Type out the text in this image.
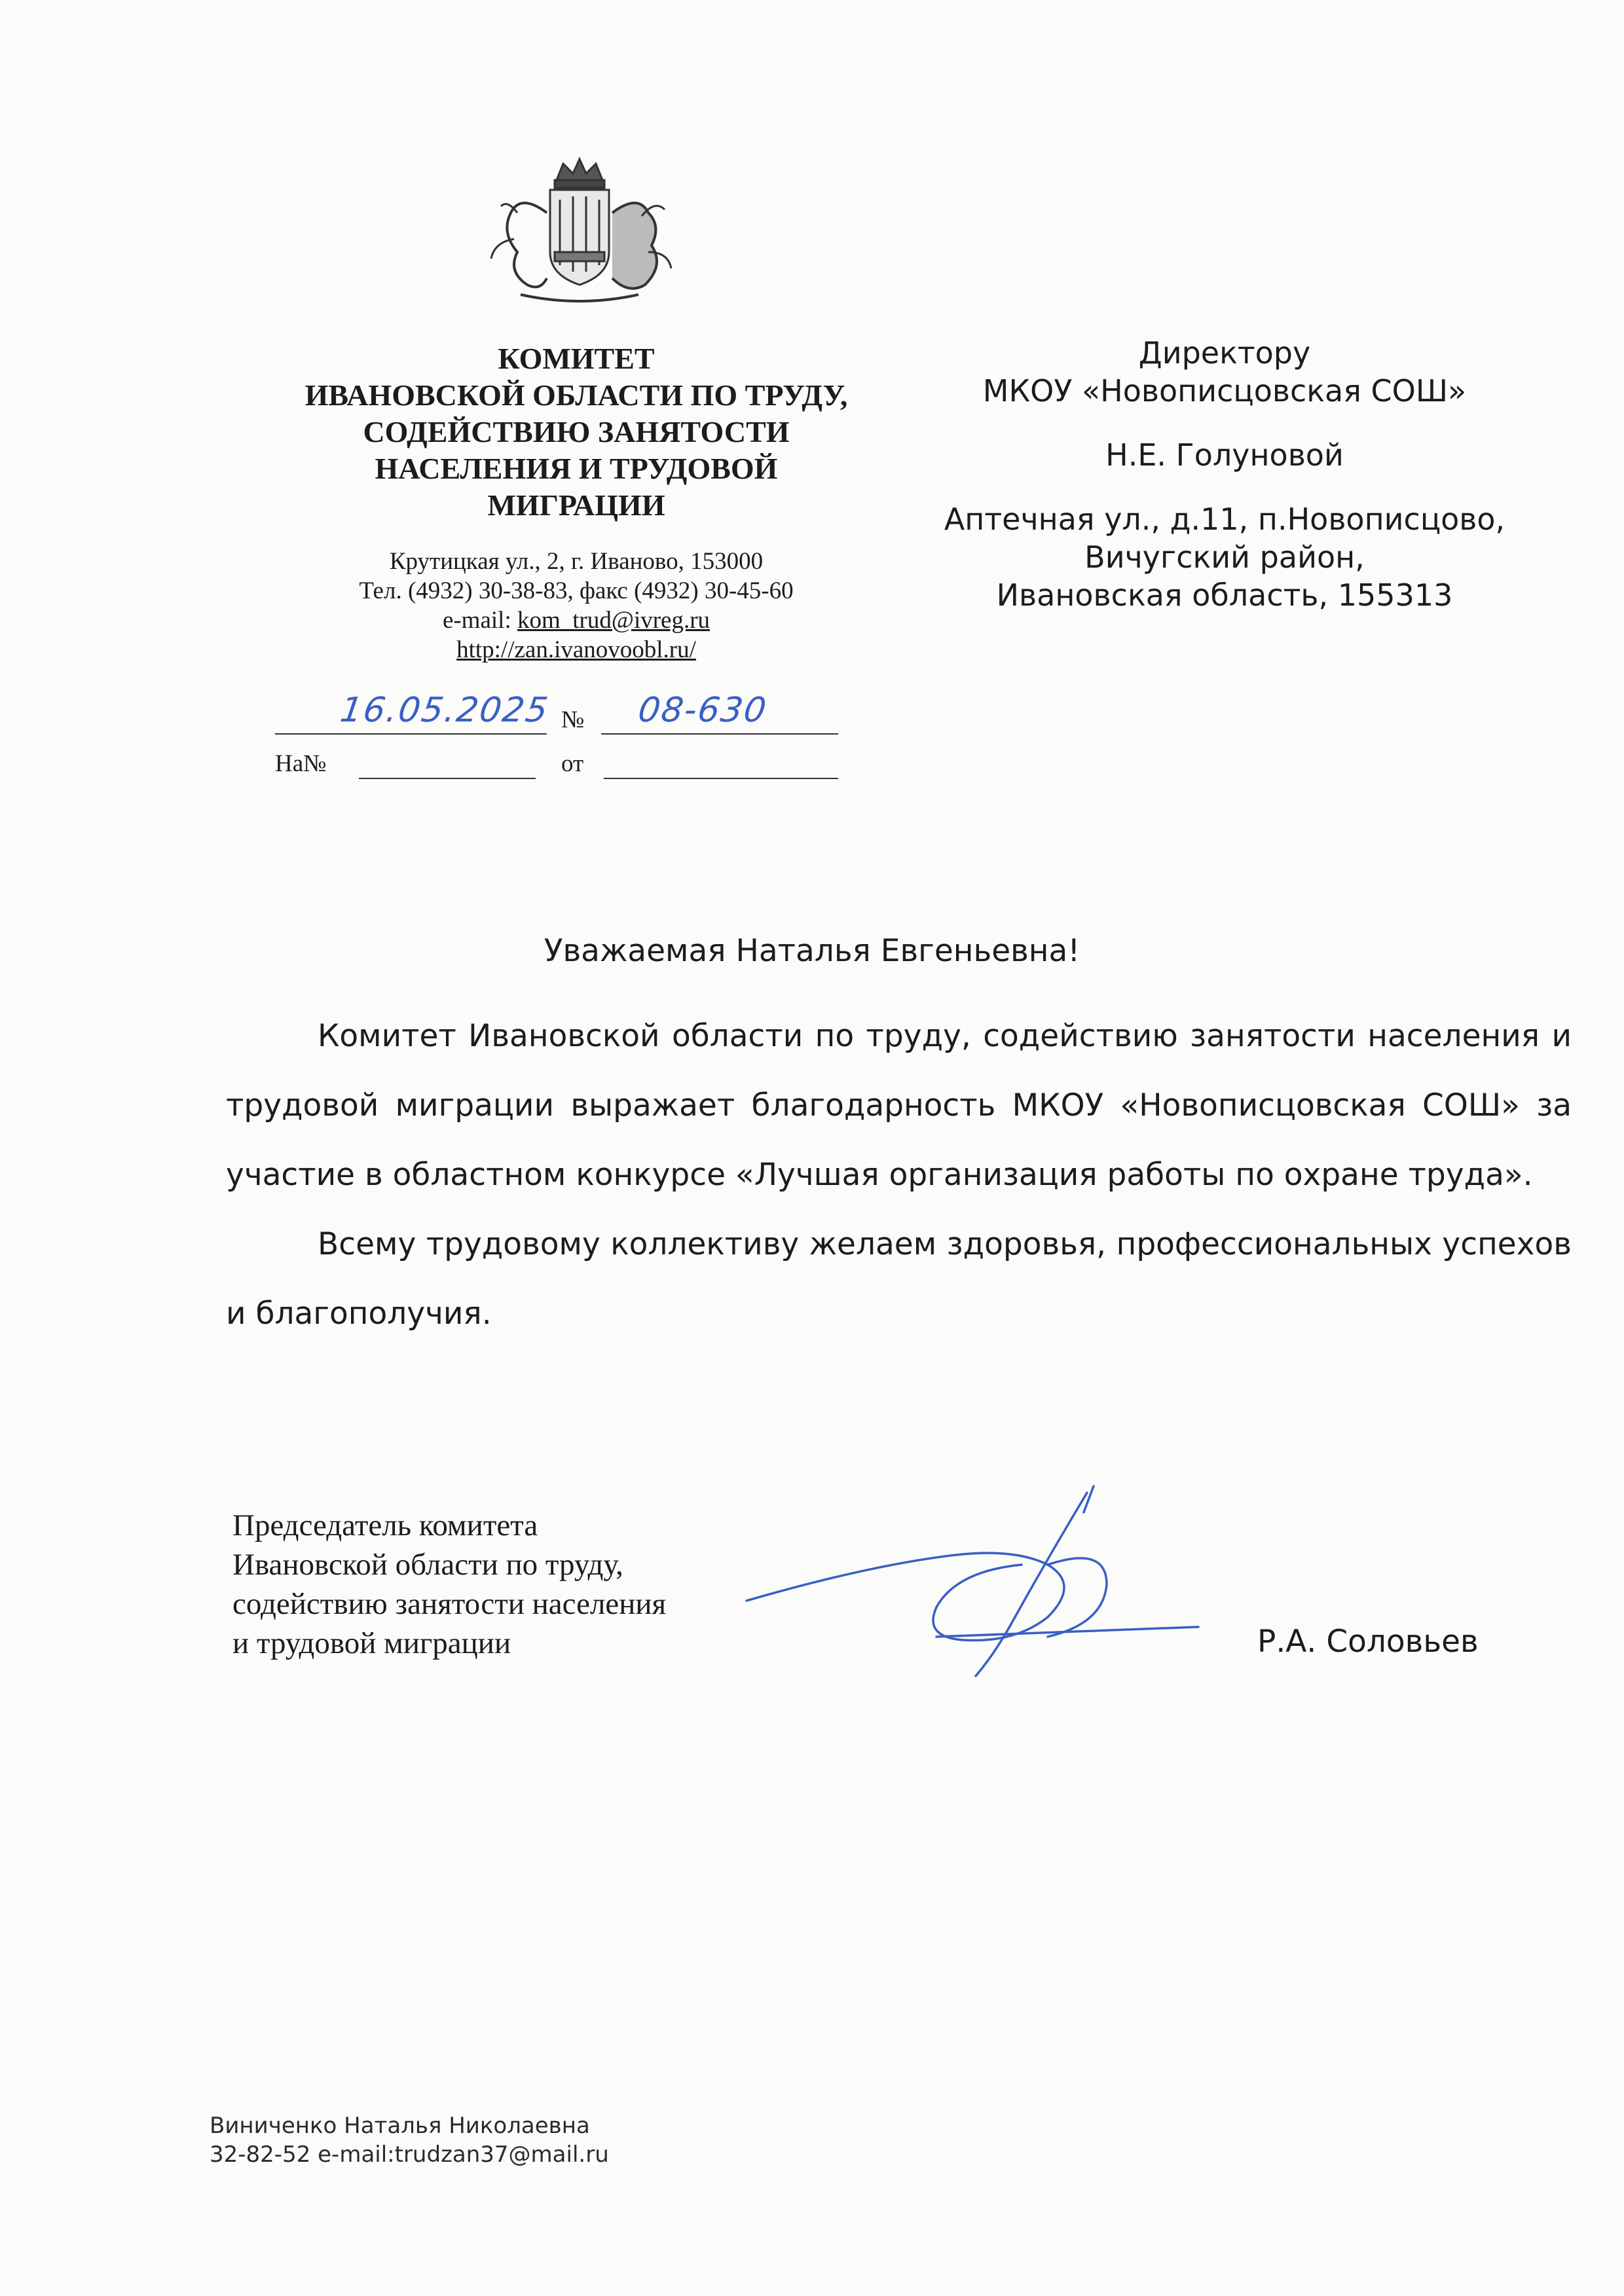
КОМИТЕТ
ИВАНОВСКОЙ ОБЛАСТИ ПО ТРУДУ,
СОДЕЙСТВИЮ ЗАНЯТОСТИ
НАСЕЛЕНИЯ И ТРУДОВОЙ
МИГРАЦИИ
Крутицкая ул., 2, г. Иваново, 153000
Тел. (4932) 30-38-83, факс (4932) 30-45-60
e-mail: kom_trud@ivreg.ru
http://zan.ivanovoobl.ru/
16.05.2025 № 08-630
На№	от
Директору
МКОУ «Новописцовская СОШ»
Н.Е. Голуновой
Аптечная ул., д.11, п.Новописцово,
Вичугский район,
Ивановская область, 155313
Уважаемая Наталья Евгеньевна!

Комитет Ивановской области по труду, содействию занятости населения и трудовой миграции выражает благодарность МКОУ «Новописцовская СОШ» за участие в областном конкурсе «Лучшая организация работы по охране труда».

Всему трудовому коллективу желаем здоровья, профессиональных успехов и благополучия.

Председатель комитета
Ивановской области по труду,
содействию занятости населения
и трудовой миграции	Р.А. Соловьев
Виниченко Наталья Николаевна
32-82-52 e-mail:trudzan37@mail.ru
